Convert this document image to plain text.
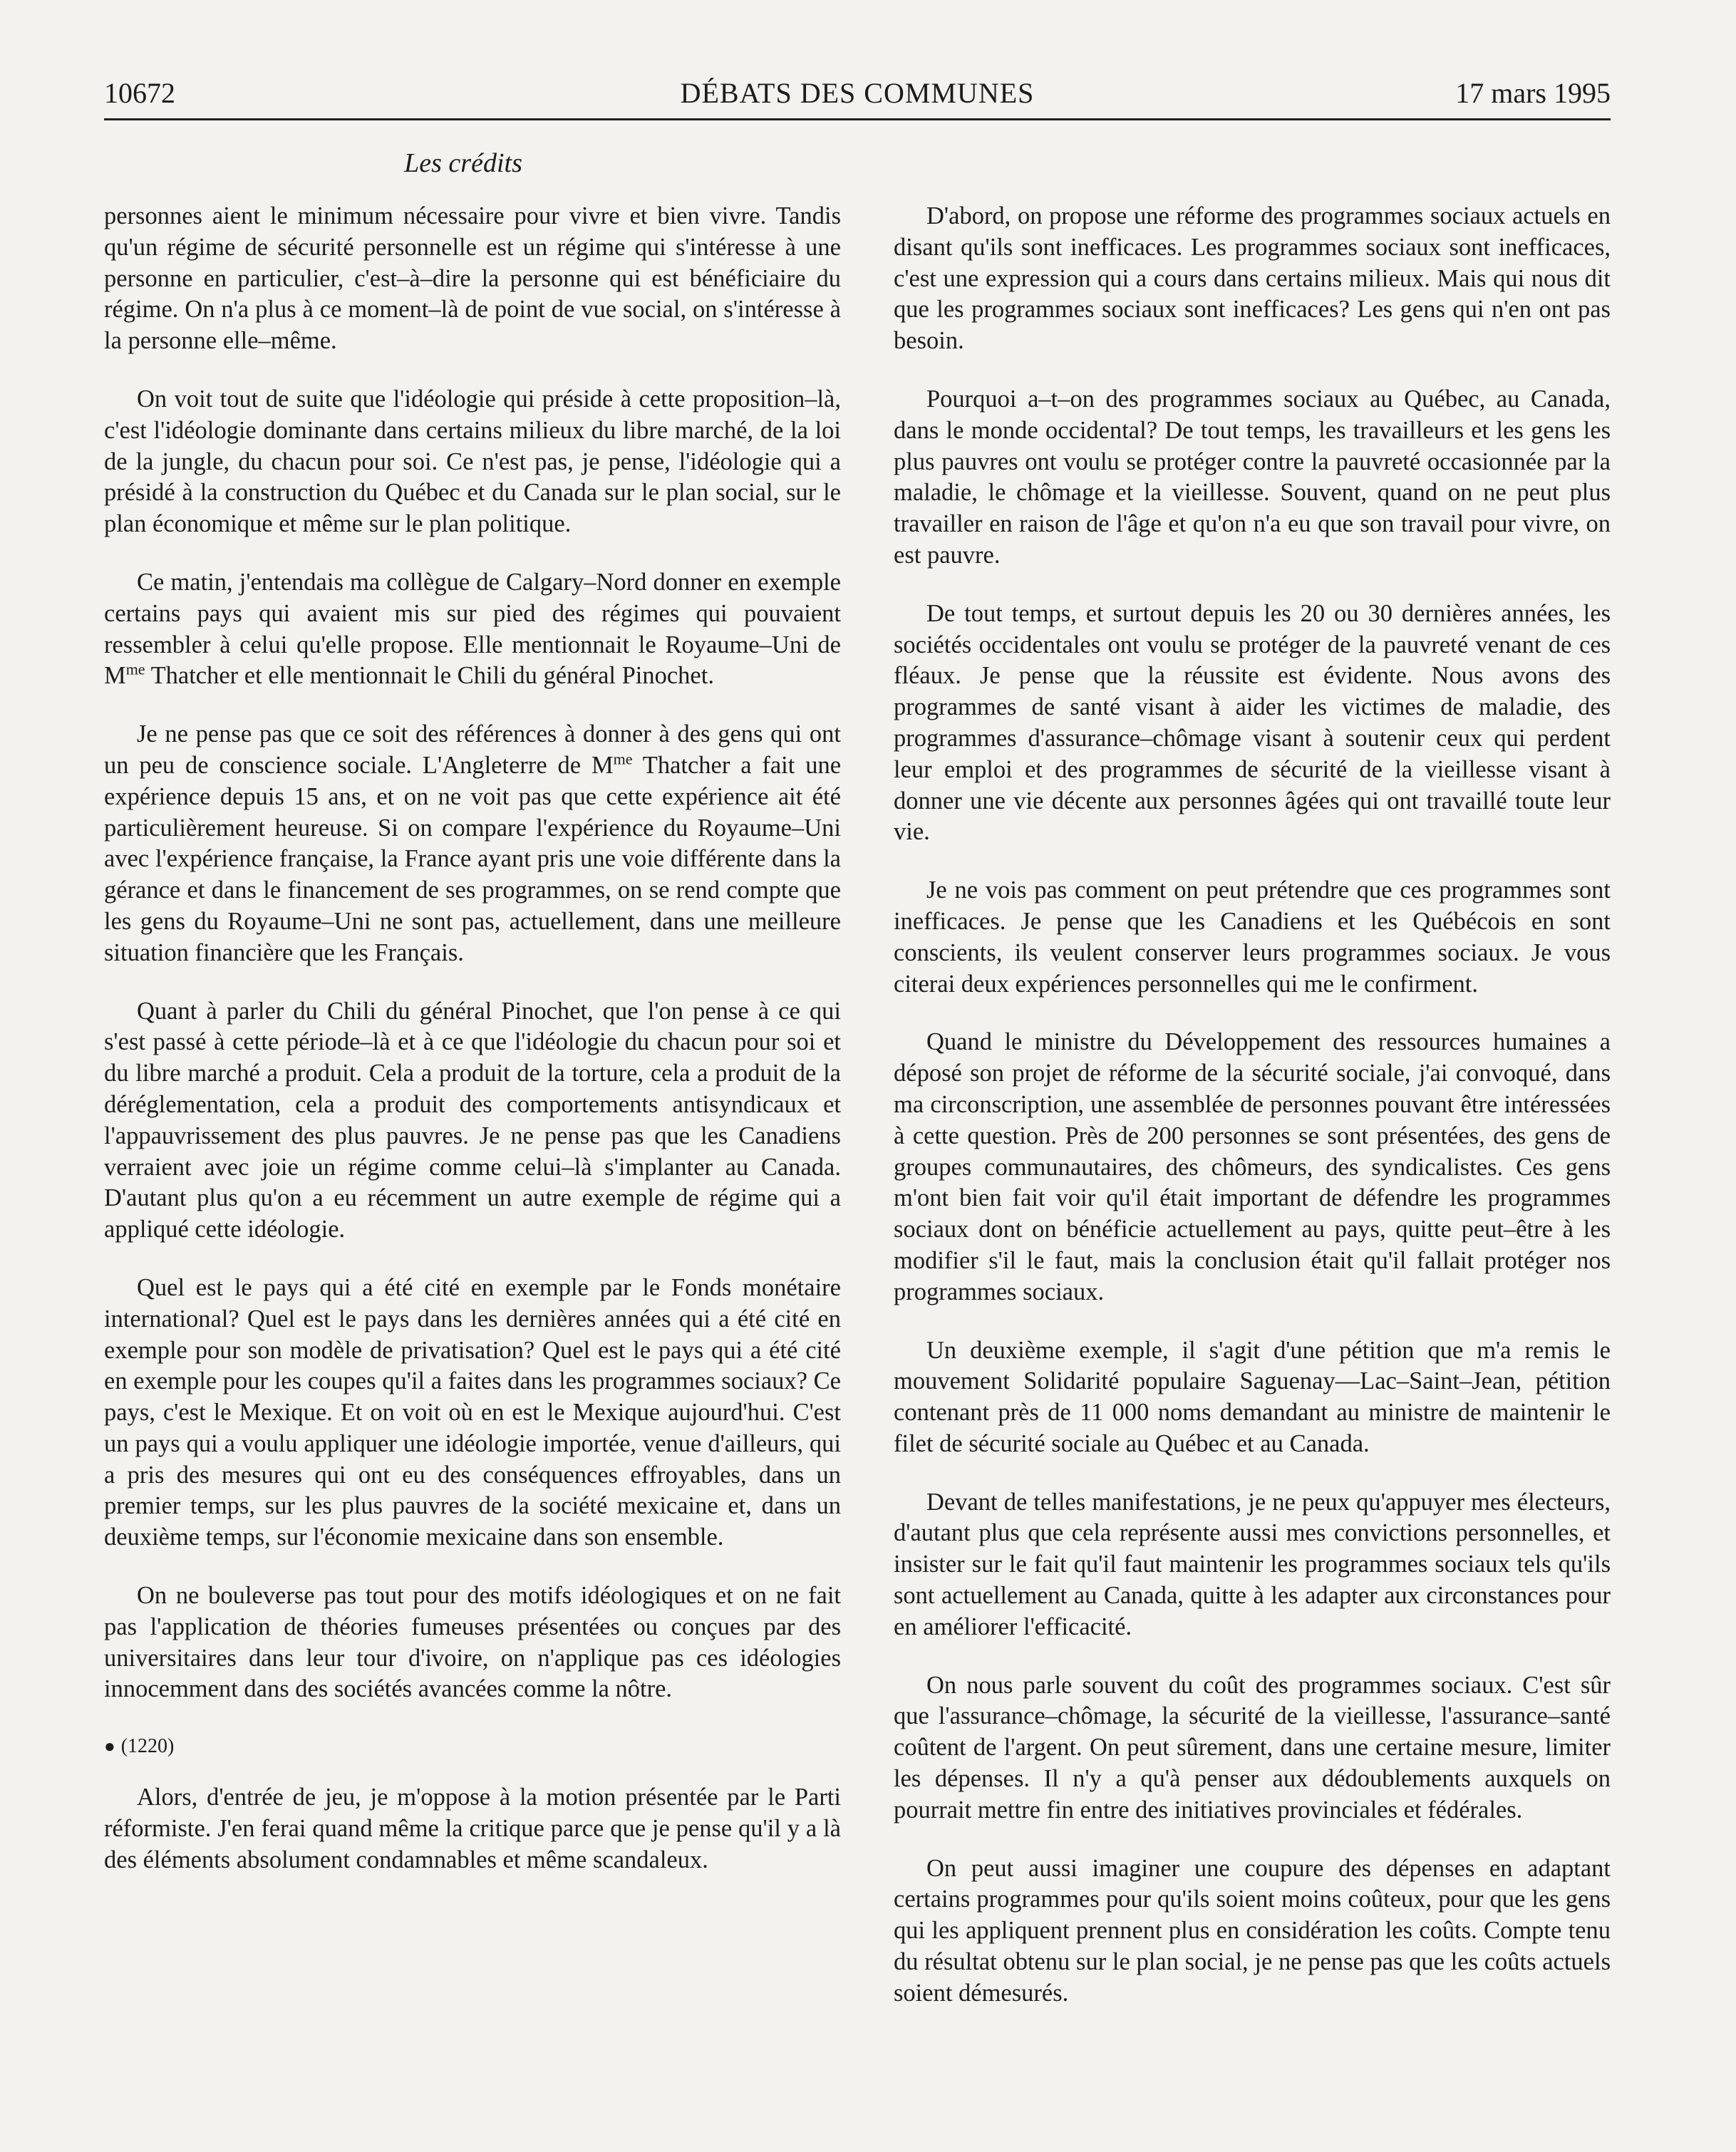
DÉBATS DES COMMUNES
10672	17 mars 1995
Les crédits

personnes aient le minimum nécessaire pour vivre et bien vivre. Tandis qu'un régime de sécurité personnelle est un régime qui s'intéresse à une personne en particulier, c'est–à–dire la personne qui est bénéficiaire du régime. On n'a plus à ce moment–là de point de vue social, on s'intéresse à la personne elle–même.

On voit tout de suite que l'idéologie qui préside à cette proposition–là, c'est l'idéologie dominante dans certains milieux du libre marché, de la loi de la jungle, du chacun pour soi. Ce n'est pas, je pense, l'idéologie qui a présidé à la construction du Québec et du Canada sur le plan social, sur le plan économique et même sur le plan politique.

Ce matin, j'entendais ma collègue de Calgary–Nord donner en exemple certains pays qui avaient mis sur pied des régimes qui pouvaient ressembler à celui qu'elle propose. Elle mentionnait le Royaume–Uni de $M^{me}$ Thatcher et elle mentionnait le Chili du général Pinochet.

Je ne pense pas que ce soit des références à donner à des gens qui ont un peu de conscience sociale. L'Angleterre de $M^{me}$ Thatcher a fait une expérience depuis 15 ans, et on ne voit pas que cette expérience ait été particulièrement heureuse. Si on compare l'expérience du Royaume–Uni avec l'expérience française, la France ayant pris une voie différente dans la gérance et dans le financement de ses programmes, on se rend compte que les gens du Royaume–Uni ne sont pas, actuellement, dans une meilleure situation financière que les Français.

Quant à parler du Chili du général Pinochet, que l'on pense à ce qui s'est passé à cette période–là et à ce que l'idéologie du chacun pour soi et du libre marché a produit. Cela a produit de la torture, cela a produit de la déréglementation, cela a produit des comportements antisyndicaux et l'appauvrissement des plus pauvres. Je ne pense pas que les Canadiens verraient avec joie un régime comme celui–là s'implanter au Canada. D'autant plus qu'on a eu récemment un autre exemple de régime qui a appliqué cette idéologie.

Quel est le pays qui a été cité en exemple par le Fonds monétaire international? Quel est le pays dans les dernières années qui a été cité en exemple pour son modèle de privatisation? Quel est le pays qui a été cité en exemple pour les coupes qu'il a faites dans les programmes sociaux? Ce pays, c'est le Mexique. Et on voit où en est le Mexique aujourd'hui. C'est un pays qui a voulu appliquer une idéologie importée, venue d'ailleurs, qui a pris des mesures qui ont eu des conséquences effroyables, dans un premier temps, sur les plus pauvres de la société mexicaine et, dans un deuxième temps, sur l'économie mexicaine dans son ensemble.

On ne bouleverse pas tout pour des motifs idéologiques et on ne fait pas l'application de théories fumeuses présentées ou conçues par des universitaires dans leur tour d'ivoire, on n'applique pas ces idéologies innocemment dans des sociétés avancées comme la nôtre.

● (1220)

Alors, d'entrée de jeu, je m'oppose à la motion présentée par le Parti réformiste. J'en ferai quand même la critique parce que je pense qu'il y a là des éléments absolument condamnables et même scandaleux.

D'abord, on propose une réforme des programmes sociaux actuels en disant qu'ils sont inefficaces. Les programmes sociaux sont inefficaces, c'est une expression qui a cours dans certains milieux. Mais qui nous dit que les programmes sociaux sont inefficaces? Les gens qui n'en ont pas besoin.

Pourquoi a–t–on des programmes sociaux au Québec, au Canada, dans le monde occidental? De tout temps, les travailleurs et les gens les plus pauvres ont voulu se protéger contre la pauvreté occasionnée par la maladie, le chômage et la vieillesse. Souvent, quand on ne peut plus travailler en raison de l'âge et qu'on n'a eu que son travail pour vivre, on est pauvre.

De tout temps, et surtout depuis les 20 ou 30 dernières années, les sociétés occidentales ont voulu se protéger de la pauvreté venant de ces fléaux. Je pense que la réussite est évidente. Nous avons des programmes de santé visant à aider les victimes de maladie, des programmes d'assurance–chômage visant à soutenir ceux qui perdent leur emploi et des programmes de sécurité de la vieillesse visant à donner une vie décente aux personnes âgées qui ont travaillé toute leur vie.

Je ne vois pas comment on peut prétendre que ces programmes sont inefficaces. Je pense que les Canadiens et les Québécois en sont conscients, ils veulent conserver leurs programmes sociaux. Je vous citerai deux expériences personnelles qui me le confirment.

Quand le ministre du Développement des ressources humaines a déposé son projet de réforme de la sécurité sociale, j'ai convoqué, dans ma circonscription, une assemblée de personnes pouvant être intéressées à cette question. Près de 200 personnes se sont présentées, des gens de groupes communautaires, des chômeurs, des syndicalistes. Ces gens m'ont bien fait voir qu'il était important de défendre les programmes sociaux dont on bénéficie actuellement au pays, quitte peut–être à les modifier s'il le faut, mais la conclusion était qu'il fallait protéger nos programmes sociaux.

Un deuxième exemple, il s'agit d'une pétition que m'a remis le mouvement Solidarité populaire Saguenay—Lac–Saint–Jean, pétition contenant près de 11 000 noms demandant au ministre de maintenir le filet de sécurité sociale au Québec et au Canada.

Devant de telles manifestations, je ne peux qu'appuyer mes électeurs, d'autant plus que cela représente aussi mes convictions personnelles, et insister sur le fait qu'il faut maintenir les programmes sociaux tels qu'ils sont actuellement au Canada, quitte à les adapter aux circonstances pour en améliorer l'efficacité.

On nous parle souvent du coût des programmes sociaux. C'est sûr que l'assurance–chômage, la sécurité de la vieillesse, l'assurance–santé coûtent de l'argent. On peut sûrement, dans une certaine mesure, limiter les dépenses. Il n'y a qu'à penser aux dédoublements auxquels on pourrait mettre fin entre des initiatives provinciales et fédérales.

On peut aussi imaginer une coupure des dépenses en adaptant certains programmes pour qu'ils soient moins coûteux, pour que les gens qui les appliquent prennent plus en considération les coûts. Compte tenu du résultat obtenu sur le plan social, je ne pense pas que les coûts actuels soient démesurés.
